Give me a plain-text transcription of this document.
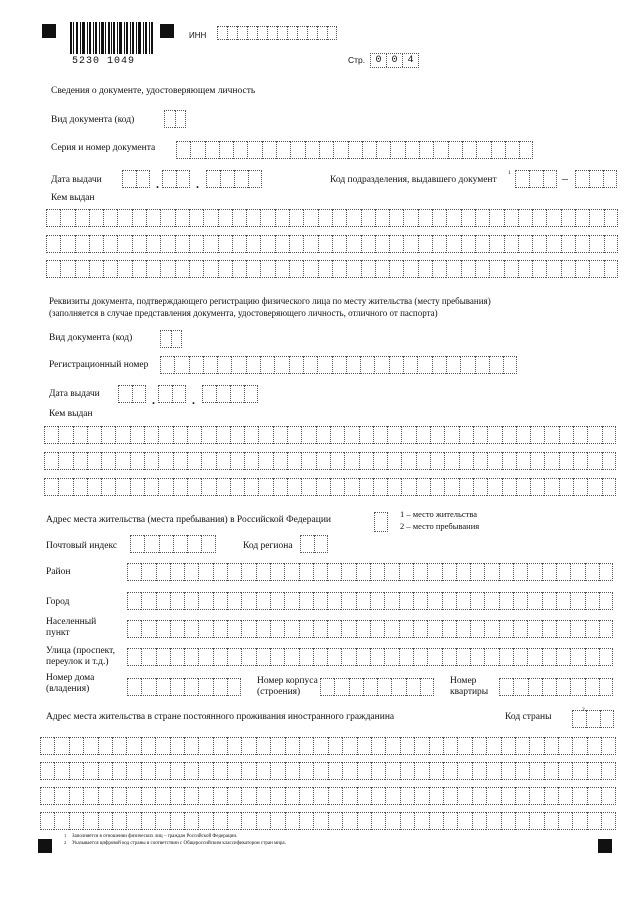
5230 1049
ИНН
Стр.	0 0 4
Сведения о документе, удостоверяющем личность
Вид документа (код)
Серия и номер документа
Дата выдачи	.	.	Код подразделения, выдавшего документ
1	–
Кем выдан
Реквизиты документа, подтверждающего регистрацию физического лица по месту жительства (месту пребывания)
(заполняется в случае представления документа, удостоверяющего личность, отличного от паспорта)
Вид документа (код)
Регистрационный номер
Дата выдачи	.	.
Кем выдан
Адрес места жительства (места пребывания) в Российской Федерации
1 – место жительства
2 – место пребывания
Почтовый индекс	Код региона
Район
Город
Населенный пункт
Улица (проспект, переулок и т.д.)
Номер дома (владения)
Номер корпуса (строения)
Номер квартиры
Адрес места жительства в стране постоянного проживания иностранного гражданина	Код страны
2
1 Заполняется в отношении физических лиц – граждан Российской Федерации.
2 Указывается цифровой код страны в соответствии с Общероссийским классификатором стран мира.
